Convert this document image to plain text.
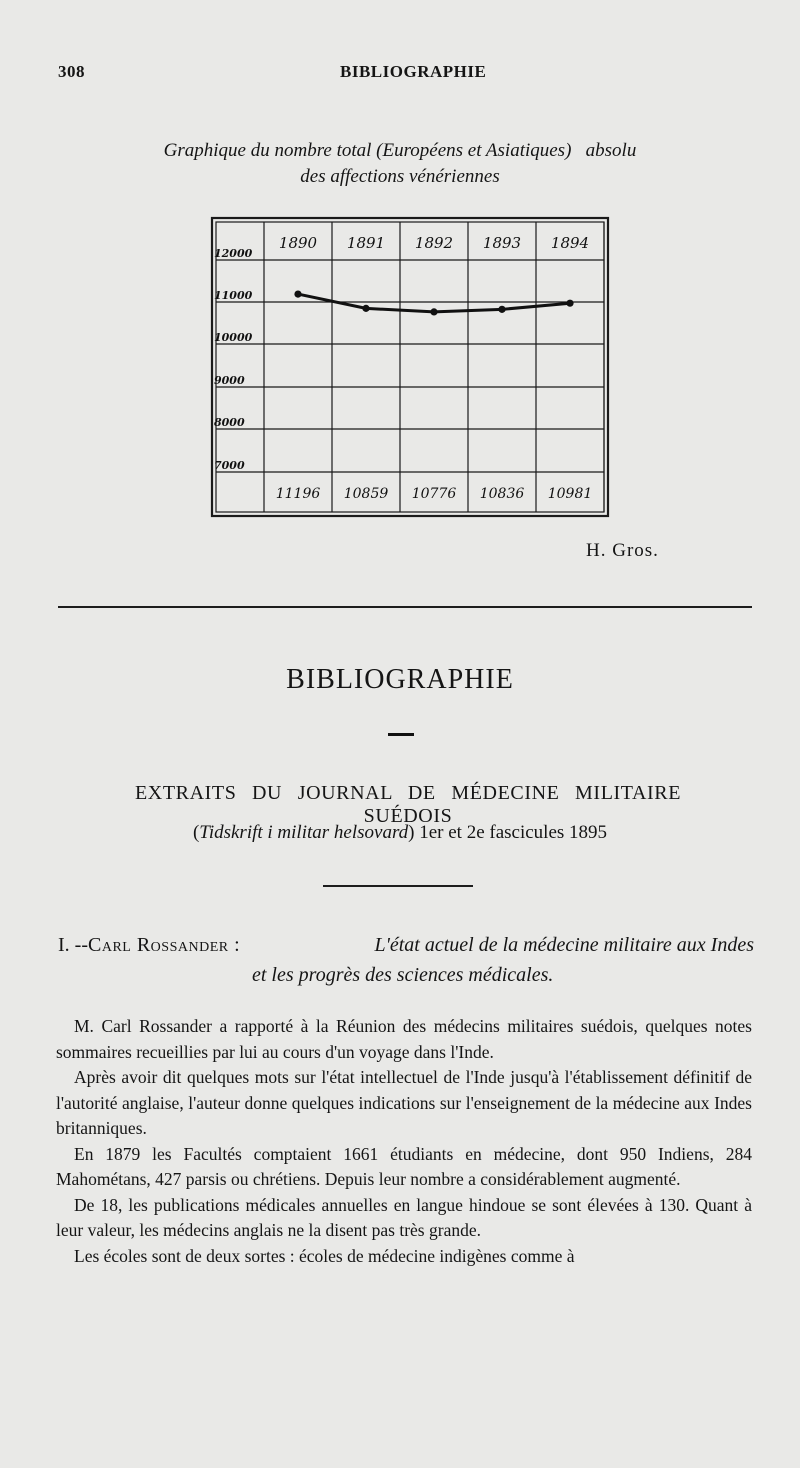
308	BIBLIOGRAPHIE
Graphique du nombre total (Européens et Asiatiques)   absolu
des affections vénériennes
1890 1891 1892 1893 1894
12000
11000
10000
9000
8000
7000
11196 10859 10776 10836 10981
H. Gros.
BIBLIOGRAPHIE
EXTRAITS DU JOURNAL DE MÉDECINE MILITAIRE SUÉDOIS
(Tidskrift i militar helsovard) 1er et 2e fascicules 1895
I. -- Carl Rossander :	L'état actuel de la médecine militaire aux Indes
et les progrès des sciences médicales.

M. Carl Rossander a rapporté à la Réunion des médecins militaires suédois, quelques notes sommaires recueillies par lui au cours d'un voyage dans l'Inde.

Après avoir dit quelques mots sur l'état intellectuel de l'Inde jusqu'à l'établissement définitif de l'autorité anglaise, l'auteur donne quelques indications sur l'enseignement de la médecine aux Indes britanniques.

En 1879 les Facultés comptaient 1661 étudiants en médecine, dont 950 Indiens, 284 Mahométans, 427 parsis ou chrétiens. Depuis leur nombre a considérablement augmenté.

De 18, les publications médicales annuelles en langue hindoue se sont élevées à 130. Quant à leur valeur, les médecins anglais ne la disent pas très grande.

Les écoles sont de deux sortes : écoles de médecine indigènes comme à
